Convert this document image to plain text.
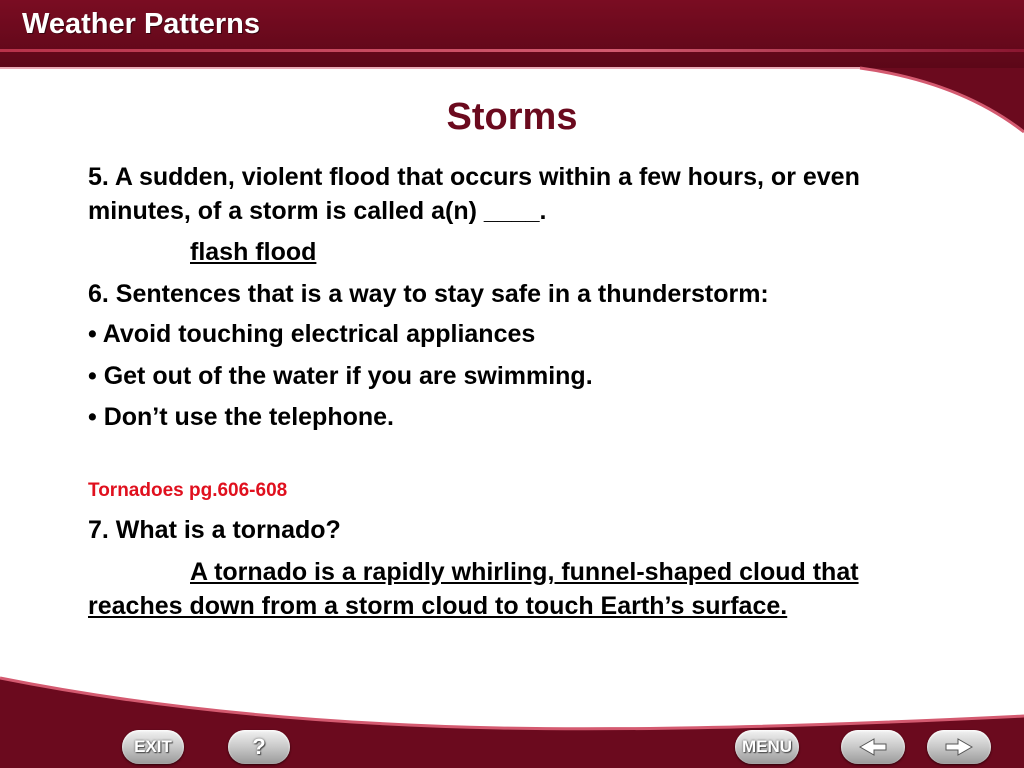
Weather Patterns
Storms

5. A sudden, violent flood that occurs within a few hours, or even minutes, of a storm is called a(n) ____.

flash flood

6. Sentences that is a way to stay safe in a thunderstorm:

• Avoid touching electrical appliances

• Get out of the water if you are swimming.

• Don’t use the telephone.

Tornadoes pg.606-608

7. What is a tornado?

A tornado is a rapidly whirling, funnel-shaped cloud that reaches down from a storm cloud to touch Earth’s surface.

EXIT	?	MENU
